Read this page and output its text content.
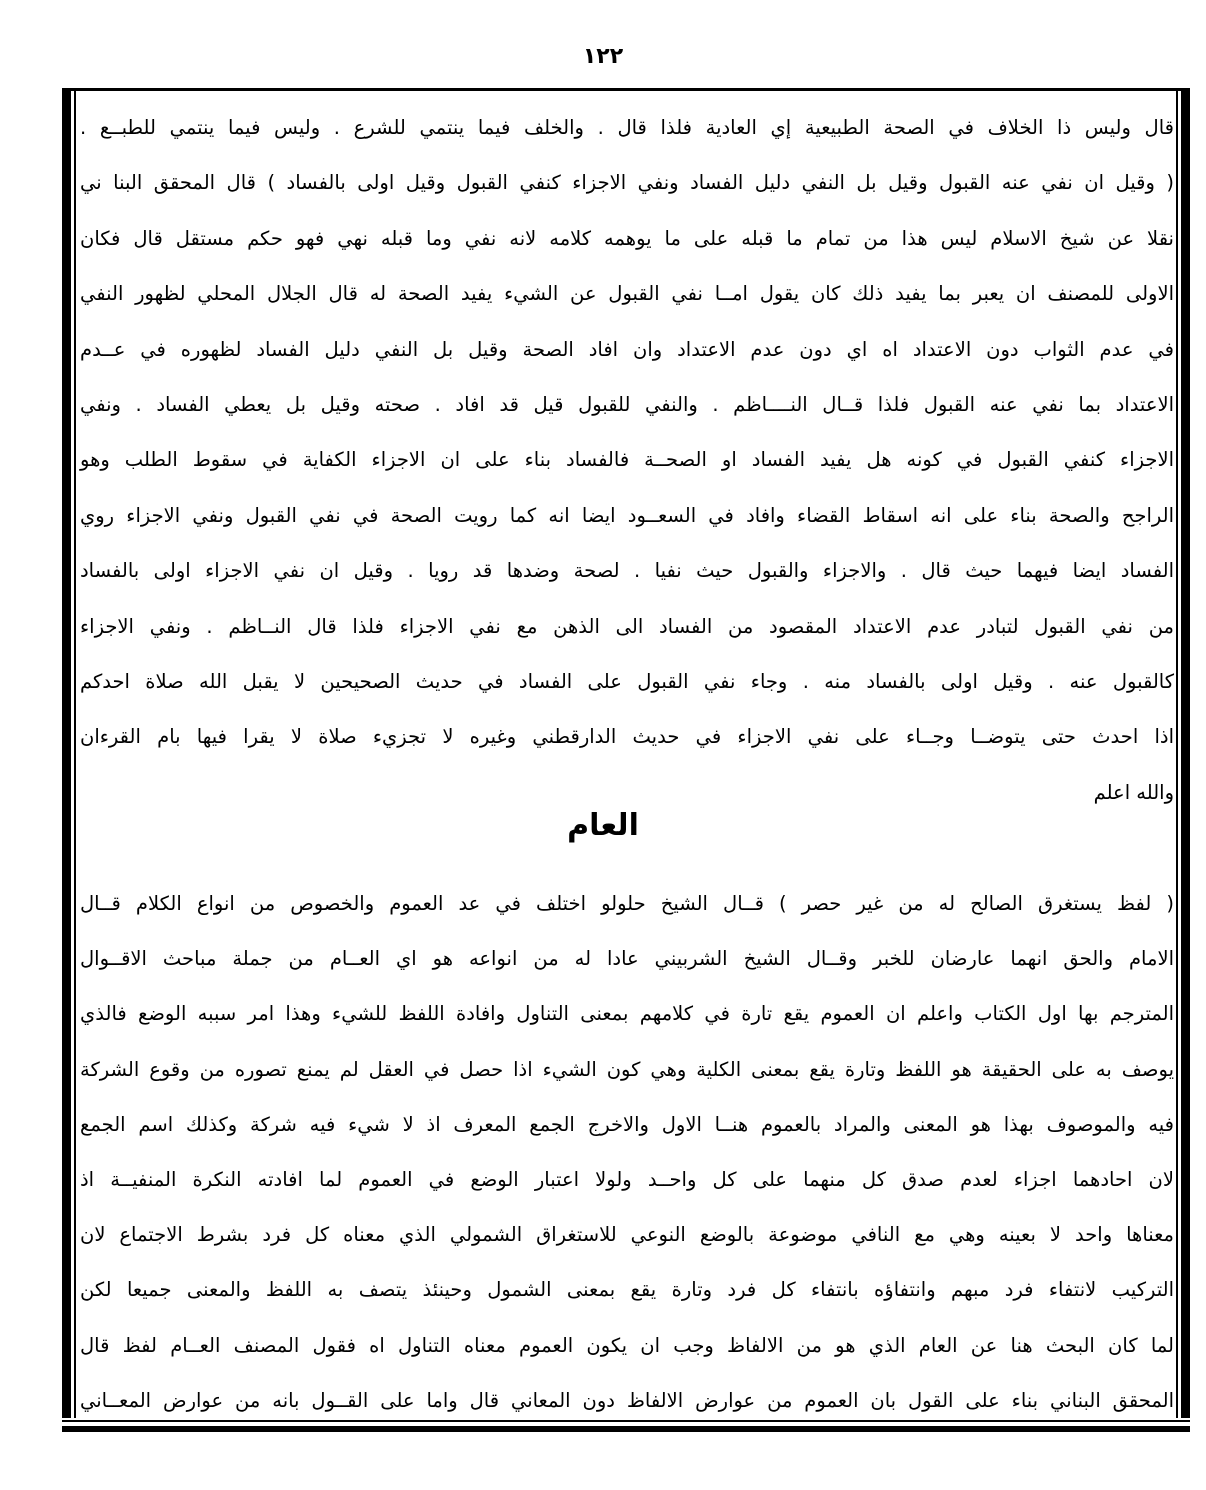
١٢٢
قال وليس ذا الخلاف في الصحة الطبيعية إي العادية فلذا قال . والخلف فيما ينتمي للشرع . وليس فيما ينتمي للطبــع .
( وقيل ان نفي عنه القبول وقيل بل النفي دليل الفساد ونفي الاجزاء كنفي القبول وقيل اولى بالفساد ) قال المحقق البنا ني
نقلا عن شيخ الاسلام ليس هذا من تمام ما قبله على ما يوهمه كلامه لانه نفي وما قبله نهي فهو حكم مستقل قال فكان
الاولى للمصنف ان يعبر بما يفيد ذلك كان يقول امــا نفي القبول عن الشيء يفيد الصحة له قال الجلال المحلي لظهور النفي
في عدم الثواب دون الاعتداد اه اي دون عدم الاعتداد وان افاد الصحة وقيل بل النفي دليل الفساد لظهوره في عــدم
الاعتداد بما نفي عنه القبول فلذا قــال النــــاظم . والنفي للقبول قيل قد افاد . صحته وقيل بل يعطي الفساد . ونفي
الاجزاء كنفي القبول في كونه هل يفيد الفساد او الصحــة فالفساد بناء على ان الاجزاء الكفاية في سقوط الطلب وهو
الراجح والصحة بناء على انه اسقاط القضاء وافاد في السعــود ايضا انه كما رويت الصحة في نفي القبول ونفي الاجزاء روي
الفساد ايضا فيهما حيث قال . والاجزاء والقبول حيث نفيا . لصحة وضدها قد رويا . وقيل ان نفي الاجزاء اولى بالفساد
من نفي القبول لتبادر عدم الاعتداد المقصود من الفساد الى الذهن مع نفي الاجزاء فلذا قال النــاظم . ونفي الاجزاء
كالقبول عنه . وقيل اولى بالفساد منه . وجاء نفي القبول على الفساد في حديث الصحيحين لا يقبل الله صلاة احدكم
اذا احدث حتى يتوضــا وجــاء على نفي الاجزاء في حديث الدارقطني وغيره لا تجزيء صلاة لا يقرا فيها بام القرءان
والله اعلم
العام
( لفظ يستغرق الصالح له من غير حصر ) قــال الشيخ حلولو اختلف في عد العموم والخصوص من انواع الكلام قــال
الامام والحق انهما عارضان للخبر وقــال الشيخ الشربيني عادا له من انواعه هو اي العــام من جملة مباحث الاقــوال
المترجم بها اول الكتاب واعلم ان العموم يقع تارة في كلامهم بمعنى التناول وافادة اللفظ للشيء وهذا امر سببه الوضع فالذي
يوصف به على الحقيقة هو اللفظ وتارة يقع بمعنى الكلية وهي كون الشيء اذا حصل في العقل لم يمنع تصوره من وقوع الشركة
فيه والموصوف بهذا هو المعنى والمراد بالعموم هنــا الاول والاخرج الجمع المعرف اذ لا شيء فيه شركة وكذلك اسم الجمع
لان احادهما اجزاء لعدم صدق كل منهما على كل واحــد ولولا اعتبار الوضع في العموم لما افادته النكرة المنفيــة اذ
معناها واحد لا بعينه وهي مع النافي موضوعة بالوضع النوعي للاستغراق الشمولي الذي معناه كل فرد بشرط الاجتماع لان
التركيب لانتفاء فرد مبهم وانتفاؤه بانتفاء كل فرد وتارة يقع بمعنى الشمول وحينئذ يتصف به اللفظ والمعنى جميعا لكن
لما كان البحث هنا عن العام الذي هو من الالفاظ وجب ان يكون العموم معناه التناول اه فقول المصنف العــام لفظ قال
المحقق البناني بناء على القول بان العموم من عوارض الالفاظ دون المعاني قال واما على القــول بانه من عوارض المعــاني
